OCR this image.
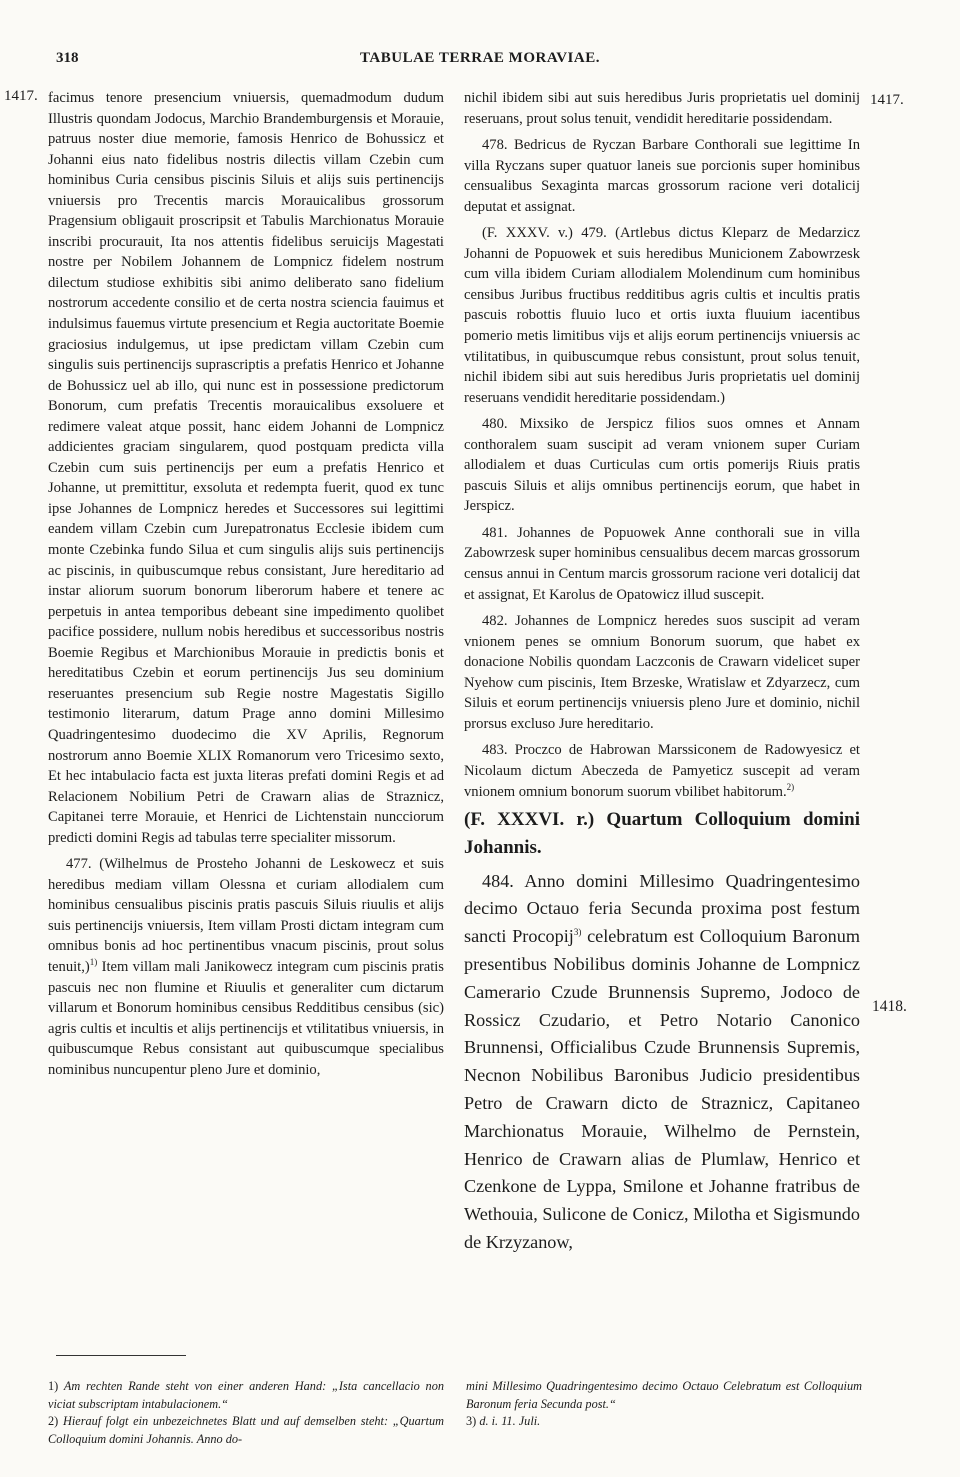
318	TABULAE TERRAE MORAVIAE.
1417.	1417.
1418.

facimus tenore presencium vniuersis, quemadmodum dudum Illustris quondam Jodocus, Marchio Brandemburgensis et Morauie, patruus noster diue memorie, famosis Henrico de Bohussicz et Johanni eius nato fidelibus nostris dilectis villam Czebin cum hominibus Curia censibus piscinis Siluis et alijs suis pertinencijs vniuersis pro Trecentis marcis Morauicalibus grossorum Pragensium obligauit proscripsit et Tabulis Marchionatus Morauie inscribi procurauit, Ita nos attentis fidelibus seruicijs Magestati nostre per Nobilem Johannem de Lompnicz fidelem nostrum dilectum studiose exhibitis sibi animo deliberato sano fidelium nostrorum accedente consilio et de certa nostra sciencia fauimus et indulsimus fauemus virtute presencium et Regia auctoritate Boemie graciosius indulgemus, ut ipse predictam villam Czebin cum singulis suis pertinencijs suprascriptis a prefatis Henrico et Johanne de Bohussicz uel ab illo, qui nunc est in possessione predictorum Bonorum, cum prefatis Trecentis morauicalibus exsoluere et redimere valeat atque possit, hanc eidem Johanni de Lompnicz addicientes graciam singularem, quod postquam predicta villa Czebin cum suis pertinencijs per eum a prefatis Henrico et Johanne, ut premittitur, exsoluta et redempta fuerit, quod ex tunc ipse Johannes de Lompnicz heredes et Successores sui legittimi eandem villam Czebin cum Jurepatronatus Ecclesie ibidem cum monte Czebinka fundo Silua et cum singulis alijs suis pertinencijs ac piscinis, in quibuscumque rebus consistant, Jure hereditario ad instar aliorum suorum bonorum liberorum habere et tenere ac perpetuis in antea temporibus debeant sine impedimento quolibet pacifice possidere, nullum nobis heredibus et successoribus nostris Boemie Regibus et Marchionibus Morauie in predictis bonis et hereditatibus Czebin et eorum pertinencijs Jus seu dominium reseruantes presencium sub Regie nostre Magestatis Sigillo testimonio literarum, datum Prage anno domini Millesimo Quadringentesimo duodecimo die XV Aprilis, Regnorum nostrorum anno Boemie XLIX Romanorum vero Tricesimo sexto, Et hec intabulacio facta est juxta literas prefati domini Regis et ad Relacionem Nobilium Petri de Crawarn alias de Straznicz, Capitanei terre Morauie, et Henrici de Lichtenstain nuncciorum predicti domini Regis ad tabulas terre specialiter missorum.

477. (Wilhelmus de Prosteho Johanni de Leskowecz et suis heredibus mediam villam Olessna et curiam allodialem cum hominibus censualibus piscinis pratis pascuis Siluis riuulis et alijs suis pertinencijs vniuersis, Item villam Prosti dictam integram cum omnibus bonis ad hoc pertinentibus vnacum piscinis, prout solus tenuit,)$^{1)}$ Item villam mali Janikowecz integram cum piscinis pratis pascuis nec non flumine et Riuulis et generaliter cum dictarum villarum et Bonorum hominibus censibus Redditibus censibus (sic) agris cultis et incultis et alijs pertinencijs et vtilitatibus vniuersis, in quibuscumque Rebus consistant aut quibuscumque specialibus nominibus nuncupentur pleno Jure et dominio,

nichil ibidem sibi aut suis heredibus Juris proprietatis uel dominij reseruans, prout solus tenuit, vendidit hereditarie possidendam.

478. Bedricus de Ryczan Barbare Conthorali sue legittime In villa Ryczans super quatuor laneis sue porcionis super hominibus censualibus Sexaginta marcas grossorum racione veri dotalicij deputat et assignat.

(F. XXXV. v.) 479. (Artlebus dictus Kleparz de Medarzicz Johanni de Popuowek et suis heredibus Municionem Zabowrzesk cum villa ibidem Curiam allodialem Molendinum cum hominibus censibus Juribus fructibus redditibus agris cultis et incultis pratis pascuis robottis fluuio luco et ortis iuxta fluuium iacentibus pomerio metis limitibus vijs et alijs eorum pertinencijs vniuersis ac vtilitatibus, in quibuscumque rebus consistunt, prout solus tenuit, nichil ibidem sibi aut suis heredibus Juris proprietatis uel dominij reseruans vendidit hereditarie possidendam.)

480. Mixsiko de Jerspicz filios suos omnes et Annam conthoralem suam suscipit ad veram vnionem super Curiam allodialem et duas Curticulas cum ortis pomerijs Riuis pratis pascuis Siluis et alijs omnibus pertinencijs eorum, que habet in Jerspicz.

481. Johannes de Popuowek Anne conthorali sue in villa Zabowrzesk super hominibus censualibus decem marcas grossorum census annui in Centum marcis grossorum racione veri dotalicij dat et assignat, Et Karolus de Opatowicz illud suscepit.

482. Johannes de Lompnicz heredes suos suscipit ad veram vnionem penes se omnium Bonorum suorum, que habet ex donacione Nobilis quondam Laczconis de Crawarn videlicet super Nyehow cum piscinis, Item Brzeske, Wratislaw et Zdyarzecz, cum Siluis et eorum pertinencijs vniuersis pleno Jure et dominio, nichil prorsus excluso Jure hereditario.

483. Proczco de Habrowan Marssiconem de Radowyesicz et Nicolaum dictum Abeczeda de Pamyeticz suscepit ad veram vnionem omnium bonorum suorum vbilibet habitorum.$^{2)}$

(F. XXXVI. r.) Quartum Colloquium domini Johannis.

484. Anno domini Millesimo Quadringentesimo decimo Octauo feria Secunda proxima post festum sancti Procopij$^{3)}$ celebratum est Colloquium Baronum presentibus Nobilibus dominis Johanne de Lompnicz Camerario Czude Brunnensis Supremo, Jodoco de Rossicz Czudario, et Petro Notario Canonico Brunnensi, Officialibus Czude Brunnensis Supremis, Necnon Nobilibus Baronibus Judicio presidentibus Petro de Crawarn dicto de Straznicz, Capitaneo Marchionatus Morauie, Wilhelmo de Pernstein, Henrico de Crawarn alias de Plumlaw, Henrico et Czenkone de Lyppa, Smilone et Johanne fratribus de Wethouia, Sulicone de Conicz, Milotha et Sigismundo de Krzyzanow,

1) Am rechten Rande steht von einer anderen Hand: „Ista cancellacio non viciat subscriptam intabulacionem.“

2) Hierauf folgt ein unbezeichnetes Blatt und auf demselben steht: „Quartum Colloquium domini Johannis. Anno do-

mini Millesimo Quadringentesimo decimo Octauo Celebratum est Colloquium Baronum feria Secunda post.“

3) d. i. 11. Juli.
